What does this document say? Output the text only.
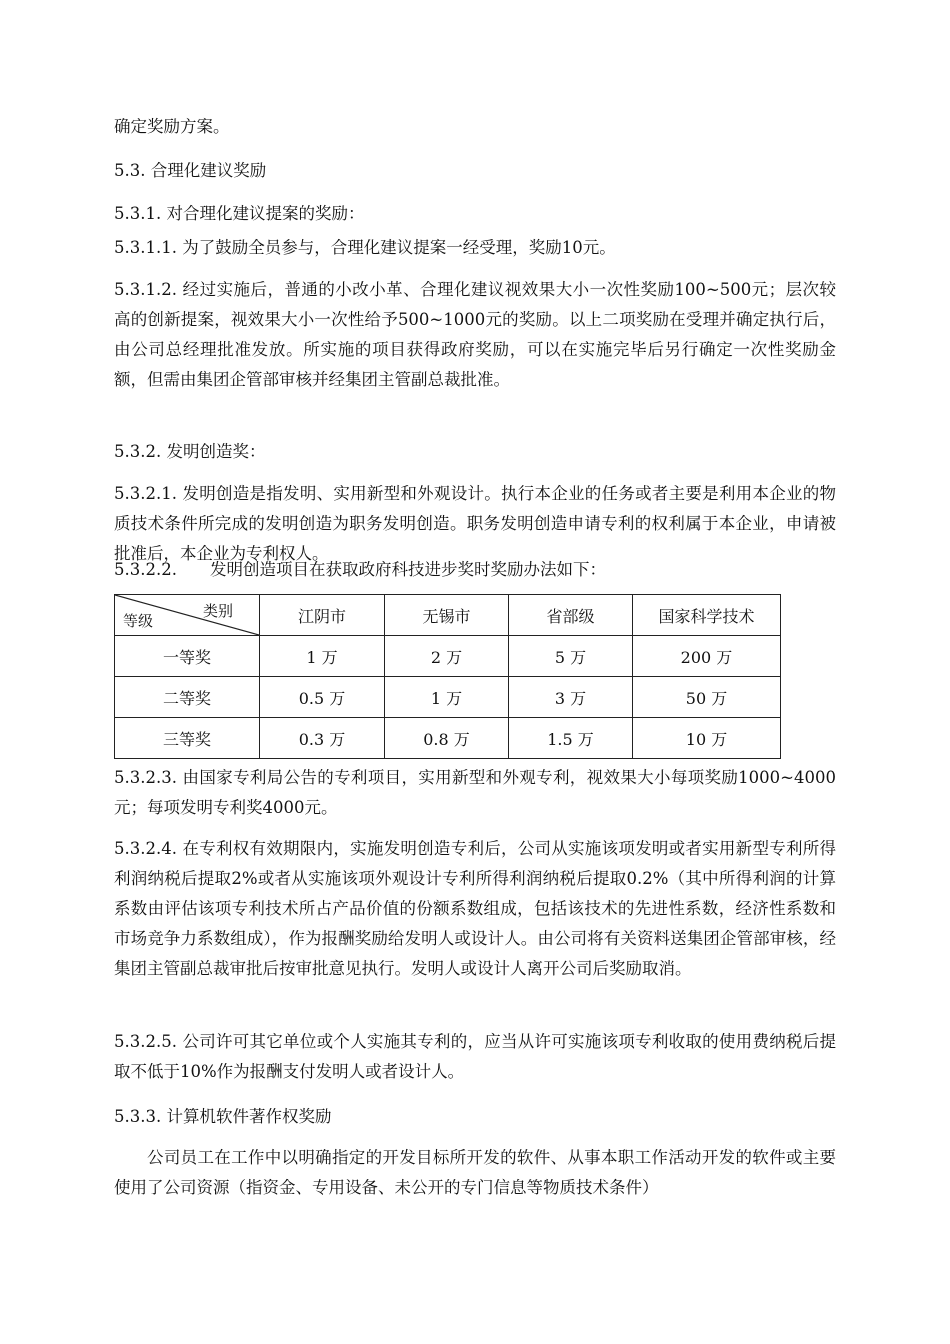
确定奖励方案。

5.3. 合理化建议奖励

5.3.1. 对合理化建议提案的奖励：

5.3.1.1. 为了鼓励全员参与，合理化建议提案一经受理，奖励10元。

5.3.1.2. 经过实施后，普通的小改小革、合理化建议视效果大小一次性奖励100~500元；层次较高的创新提案，视效果大小一次性给予500~1000元的奖励。以上二项奖励在受理并确定执行后，由公司总经理批准发放。所实施的项目获得政府奖励，可以在实施完毕后另行确定一次性奖励金额，但需由集团企管部审核并经集团主管副总裁批准。

5.3.2. 发明创造奖：

5.3.2.1. 发明创造是指发明、实用新型和外观设计。执行本企业的任务或者主要是利用本企业的物质技术条件所完成的发明创造为职务发明创造。职务发明创造申请专利的权利属于本企业，申请被批准后，本企业为专利权人。

5.3.2.2.　　发明创造项目在获取政府科技进步奖时奖励办法如下：

类别
等级	江阴市	无锡市	省部级	国家科学技术
一等奖	1 万	2 万	5 万	200 万
二等奖	0.5 万	1 万	3 万	50 万
三等奖	0.3 万	0.8 万	1.5 万	10 万

5.3.2.3. 由国家专利局公告的专利项目，实用新型和外观专利，视效果大小每项奖励1000~4000元；每项发明专利奖4000元。

5.3.2.4. 在专利权有效期限内，实施发明创造专利后，公司从实施该项发明或者实用新型专利所得利润纳税后提取2%或者从实施该项外观设计专利所得利润纳税后提取0.2%（其中所得利润的计算系数由评估该项专利技术所占产品价值的份额系数组成，包括该技术的先进性系数，经济性系数和市场竞争力系数组成），作为报酬奖励给发明人或设计人。由公司将有关资料送集团企管部审核，经集团主管副总裁审批后按审批意见执行。发明人或设计人离开公司后奖励取消。

5.3.2.5. 公司许可其它单位或个人实施其专利的，应当从许可实施该项专利收取的使用费纳税后提取不低于10%作为报酬支付发明人或者设计人。

5.3.3. 计算机软件著作权奖励

公司员工在工作中以明确指定的开发目标所开发的软件、从事本职工作活动开发的软件或主要使用了公司资源（指资金、专用设备、未公开的专门信息等物质技术条件）
